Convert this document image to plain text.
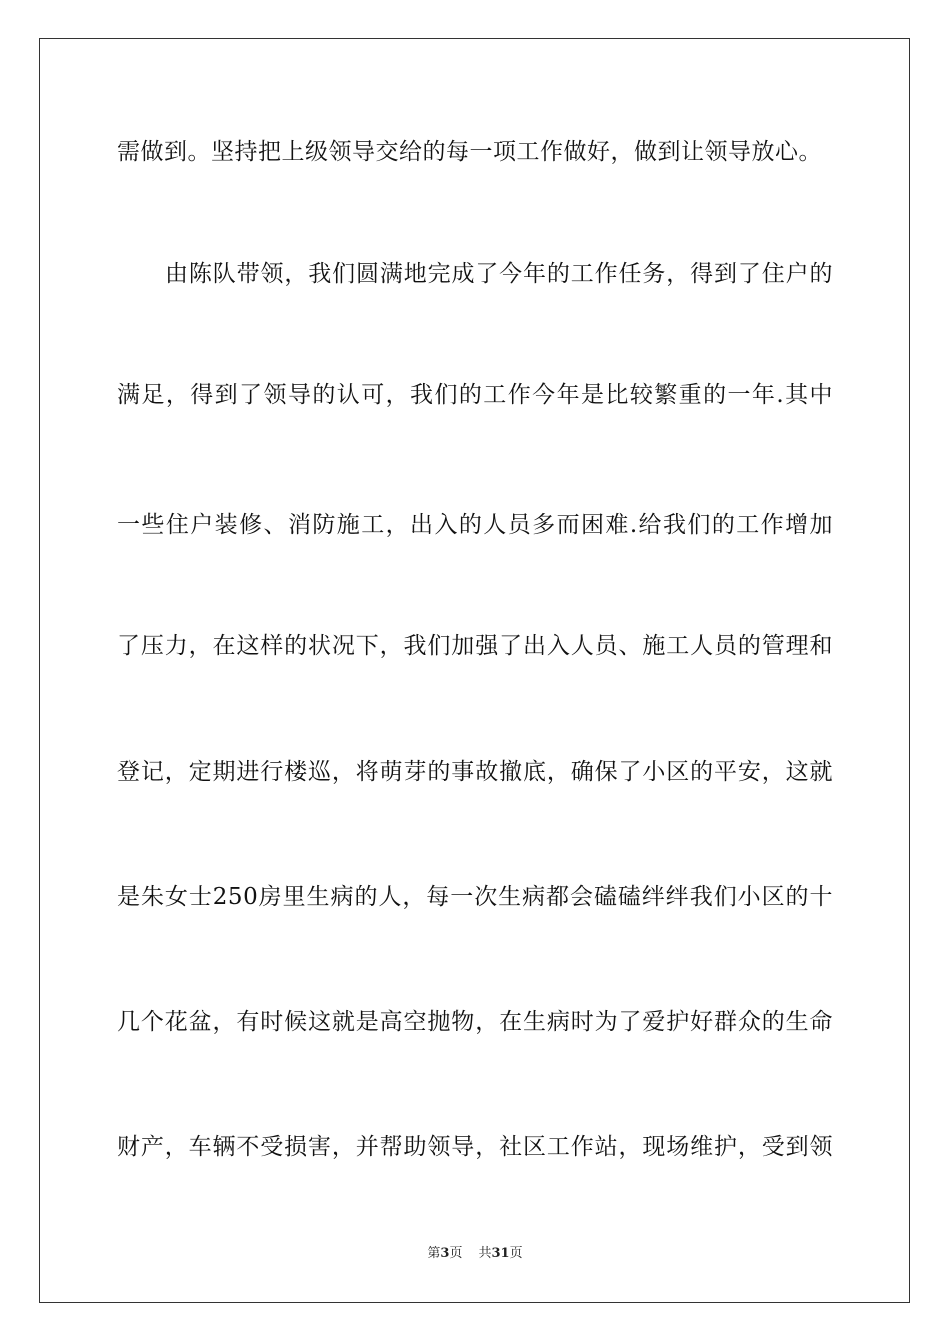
需做到。坚持把上级领导交给的每一项工作做好，做到让领导放心。
由陈队带领，我们圆满地完成了今年的工作任务，得到了住户的
满足，得到了领导的认可，我们的工作今年是比较繁重的一年.其中
一些住户装修、消防施工，出入的人员多而困难.给我们的工作增加
了压力，在这样的状况下，我们加强了出入人员、施工人员的管理和
登记，定期进行楼巡，将萌芽的事故撤底，确保了小区的平安，这就
是朱女士250房里生病的人，每一次生病都会磕磕绊绊我们小区的十
几个花盆，有时候这就是高空抛物，在生病时为了爱护好群众的生命
财产，车辆不受损害，并帮助领导，社区工作站，现场维护，受到领
第3页 共31页
